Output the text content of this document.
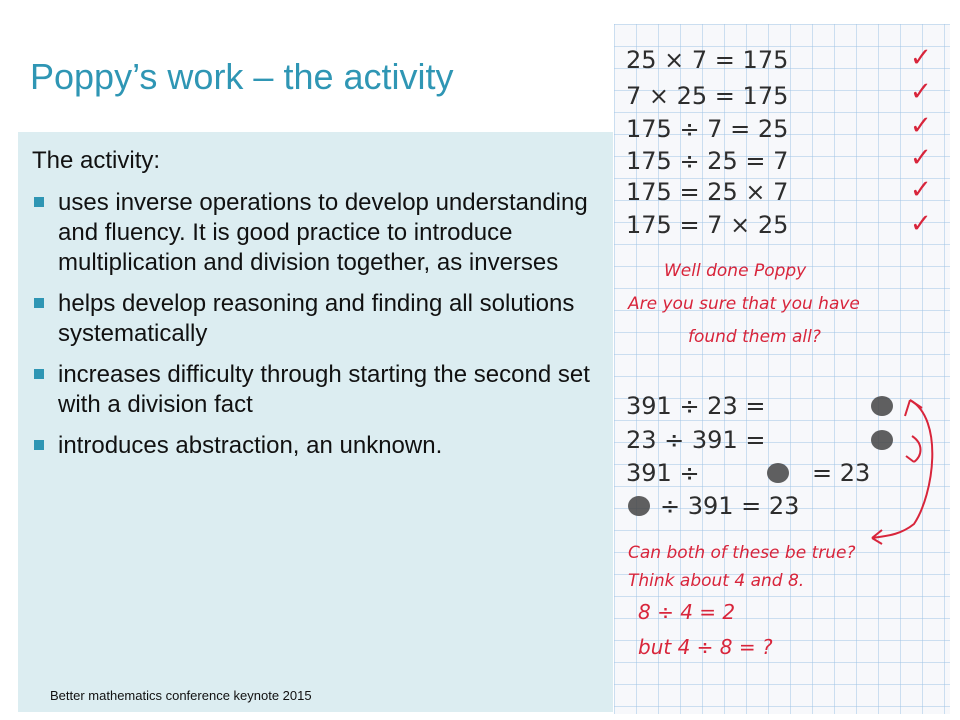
Poppy’s work – the activity
The activity:
uses inverse operations to develop understanding and fluency. It is good practice to introduce multiplication and division together, as inverses
helps develop reasoning and finding all solutions systematically
increases difficulty through starting the second set with a division fact
introduces abstraction, an unknown.
Better mathematics conference keynote 2015
25 × 7 = 175
7 × 25 = 175
175 ÷ 7 = 25
175 ÷ 25 = 7
175 = 25 × 7
175 = 7 × 25
✓
✓
✓
✓
✓
✓
Well done Poppy
Are you sure that you have
found them all?
391 ÷ 23 =
23 ÷ 391 =
391 ÷	= 23
÷ 391 = 23
Can both of these be true?
Think about 4 and 8.
8 ÷ 4 = 2
but 4 ÷ 8 = ?
